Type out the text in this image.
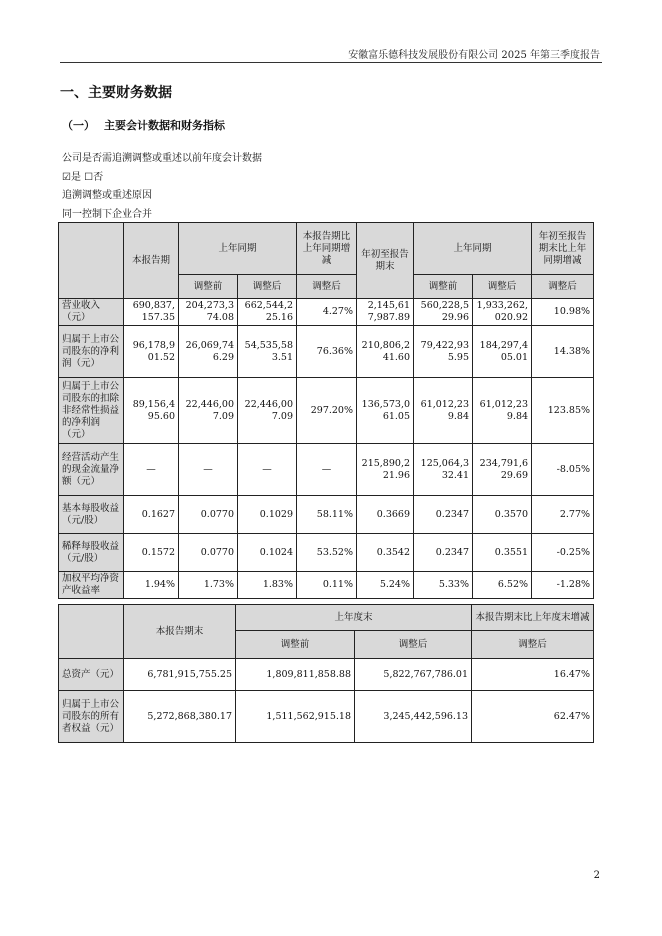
安徽富乐德科技发展股份有限公司 2025 年第三季度报告
一、主要财务数据
（一） 主要会计数据和财务指标
公司是否需追溯调整或重述以前年度会计数据
☑是 ☐否
追溯调整或重述原因
同一控制下企业合并
	本报告期	上年同期		本报告期比上年同期增减	年初至报告期末	上年同期		年初至报告期末比上年同期增减
		调整前	调整后	调整后		调整前	调整后	调整后
营业收入（元）	690,837,157.35	204,273,374.08	662,544,225.16	4.27%	2,145,617,987.89	560,228,529.96	1,933,262,020.92	10.98%
归属于上市公司股东的净利润（元）	96,178,901.52	26,069,746.29	54,535,583.51	76.36%	210,806,241.60	79,422,935.95	184,297,405.01	14.38%
归属于上市公司股东的扣除非经常性损益的净利润（元）	89,156,495.60	22,446,007.09	22,446,007.09	297.20%	136,573,061.05	61,012,239.84	61,012,239.84	123.85%
经营活动产生的现金流量净额（元）	—	—	—	—	215,890,221.96	125,064,332.41	234,791,629.69	-8.05%
基本每股收益（元/股）	0.1627	0.0770	0.1029	58.11%	0.3669	0.2347	0.3570	2.77%
稀释每股收益（元/股）	0.1572	0.0770	0.1024	53.52%	0.3542	0.2347	0.3551	-0.25%
加权平均净资产收益率	1.94%	1.73%	1.83%	0.11%	5.24%	5.33%	6.52%	-1.28%
	本报告期末	上年度末		本报告期末比上年度末增减
		调整前	调整后	调整后
总资产（元）	6,781,915,755.25	1,809,811,858.88	5,822,767,786.01	16.47%
归属于上市公司股东的所有者权益（元）	5,272,868,380.17	1,511,562,915.18	3,245,442,596.13	62.47%
2
